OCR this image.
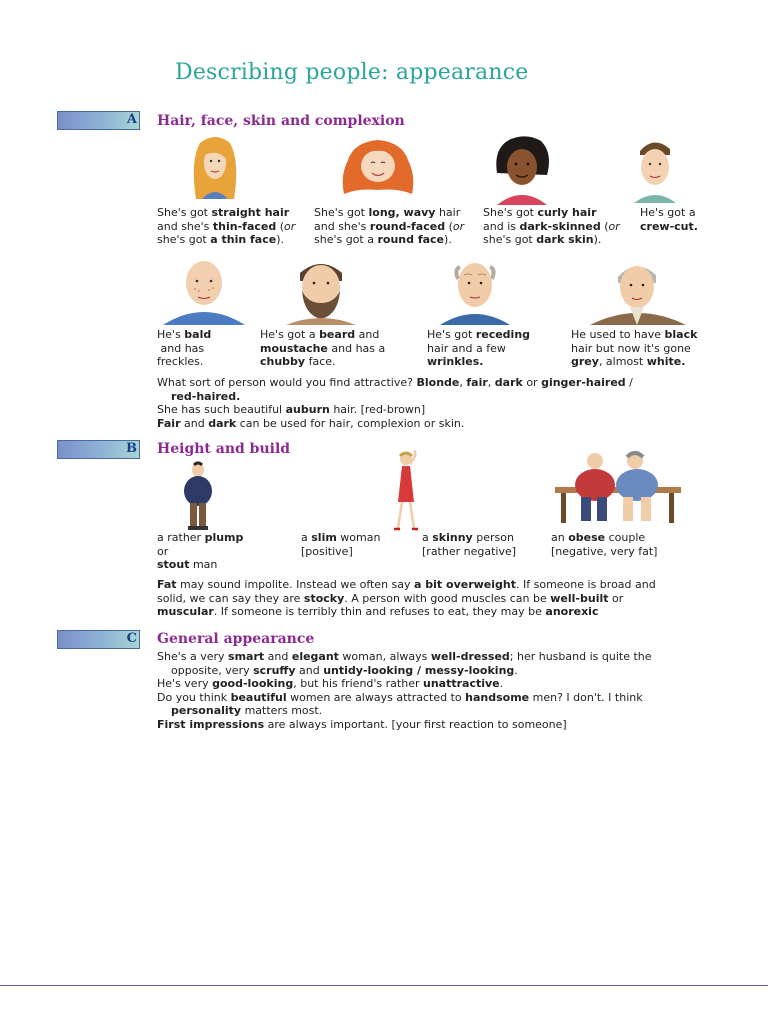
Describing people: appearance
A Hair, face, skin and complexion
She's got straight hair
and she's thin-faced (or
she's got a thin face).
She's got long, wavy hair
and she's round-faced (or
she's got a round face).
She's got curly hair
and is dark-skinned (or
she's got dark skin).
He's got a
crew-cut.
He's bald
and has
freckles.
He's got a beard and
moustache and has a
chubby face.
He's got receding
hair and a few
wrinkles.
He used to have black
hair but now it's gone
grey, almost white.
What sort of person would you find attractive? Blonde, fair, dark or ginger-haired /
red-haired.
She has such beautiful auburn hair. [red-brown]
Fair and dark can be used for hair, complexion or skin.
B Height and build
a rather plump
or
stout man
a slim woman
[positive]
a skinny person
[rather negative]
an obese couple
[negative, very fat]
Fat may sound impolite. Instead we often say a bit overweight. If someone is broad and
solid, we can say they are stocky. A person with good muscles can be well-built or
muscular. If someone is terribly thin and refuses to eat, they may be anorexic
C General appearance
She's a very smart and elegant woman, always well-dressed; her husband is quite the
opposite, very scruffy and untidy-looking / messy-looking.
He's very good-looking, but his friend's rather unattractive.
Do you think beautiful women are always attracted to handsome men? I don't. I think
personality matters most.
First impressions are always important. [your first reaction to someone]
